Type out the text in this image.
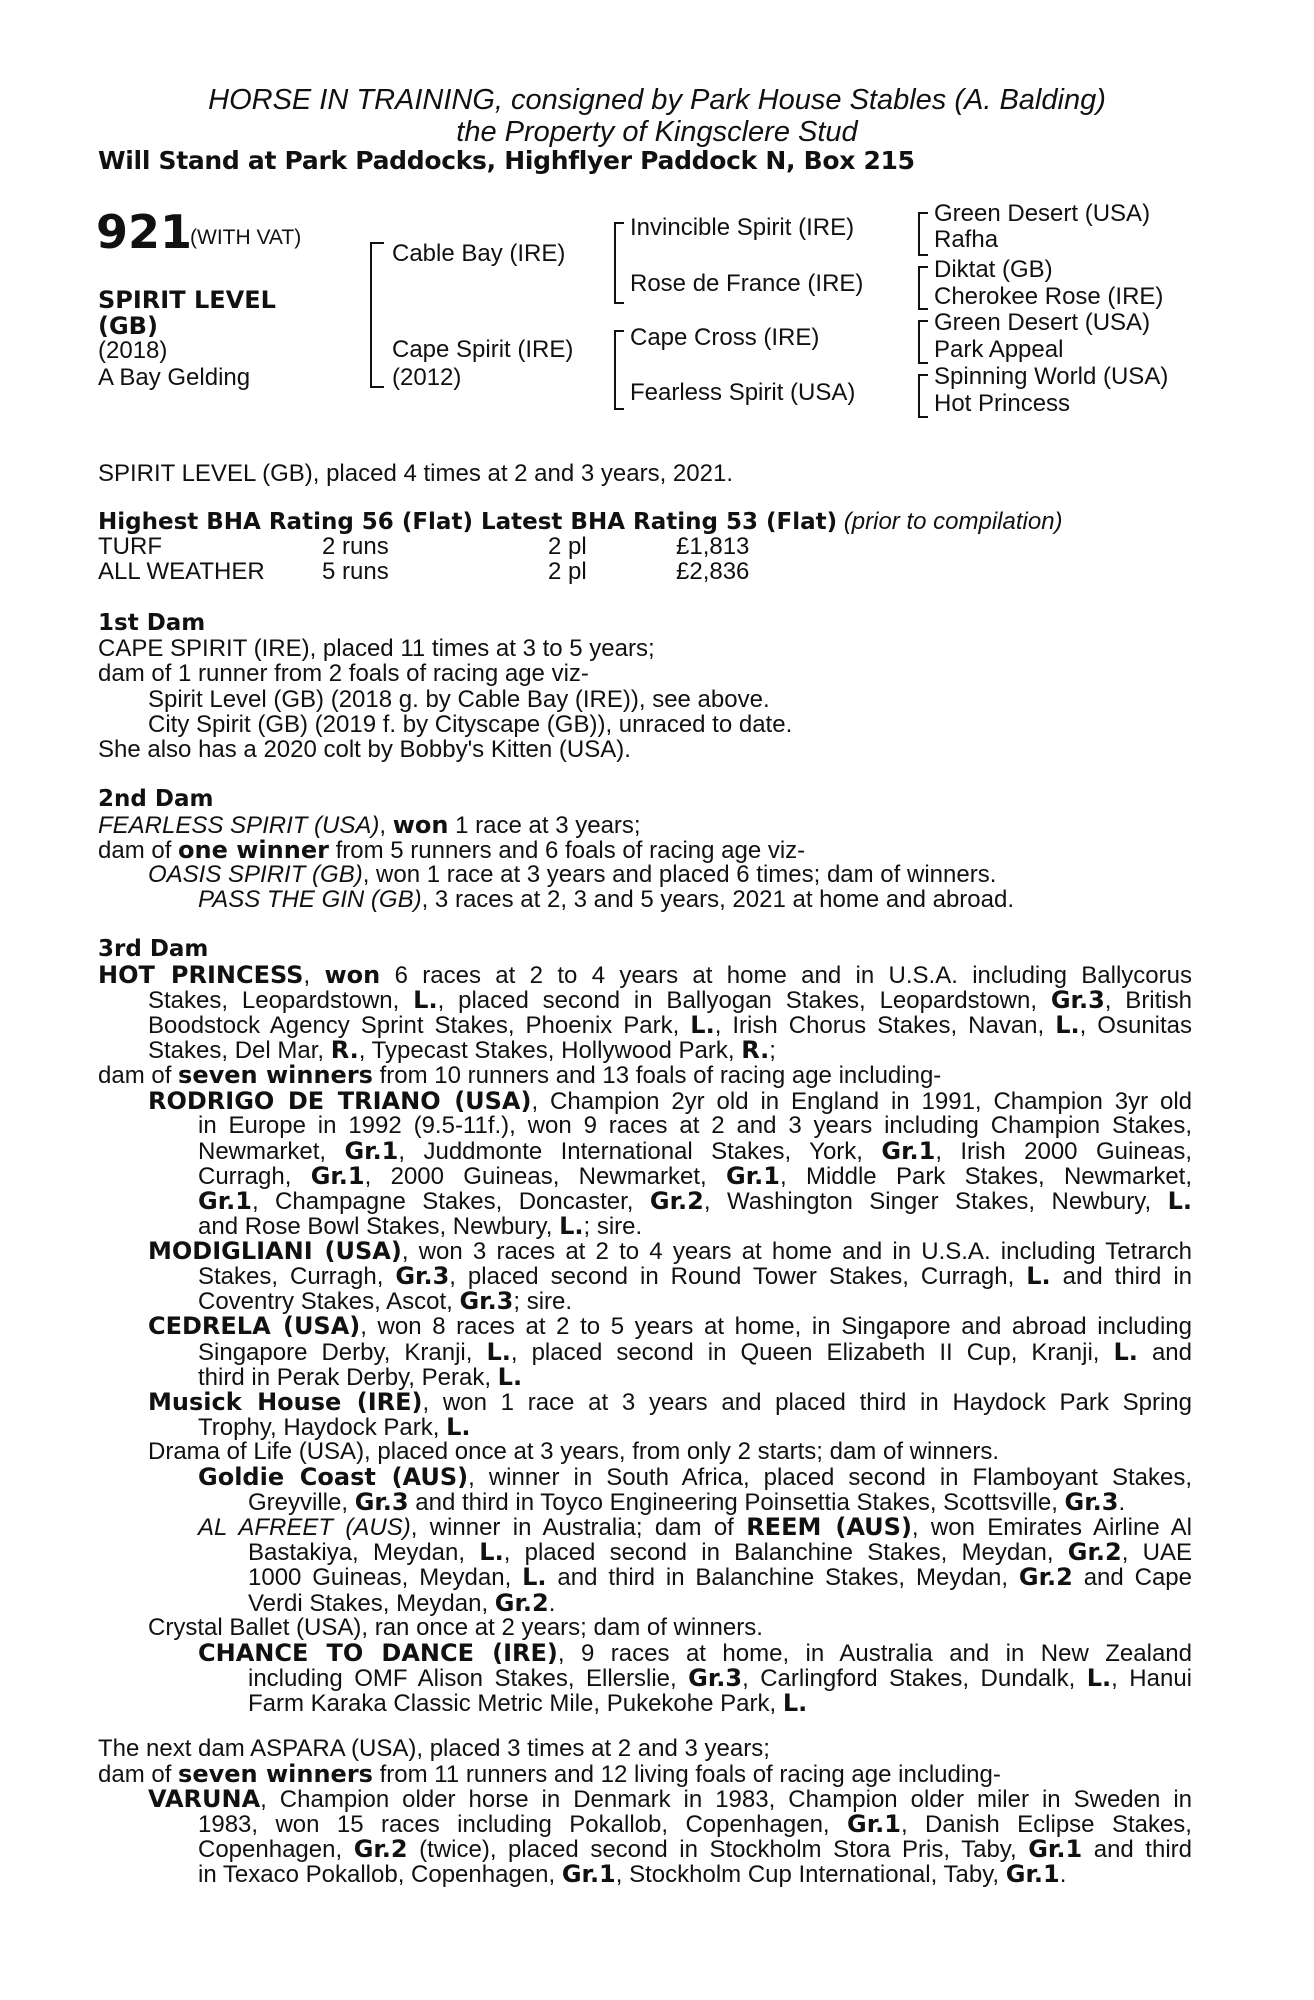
HORSE IN TRAINING, consigned by Park House Stables (A. Balding)
the Property of Kingsclere Stud
Will Stand at Park Paddocks, Highflyer Paddock N, Box 215
921
(WITH VAT)
SPIRIT LEVEL
(GB)
(2018)
A Bay Gelding
Cable Bay (IRE)
Cape Spirit (IRE)
(2012)
Invincible Spirit (IRE)
Rose de France (IRE)
Cape Cross (IRE)
Fearless Spirit (USA)
Green Desert (USA)
Rafha
Diktat (GB)
Cherokee Rose (IRE)
Green Desert (USA)
Park Appeal
Spinning World (USA)
Hot Princess
SPIRIT LEVEL (GB), placed 4 times at 2 and 3 years, 2021.
Highest BHA Rating 56 (Flat) Latest BHA Rating 53 (Flat) (prior to compilation)
TURF	2 runs	2 pl	£1,813
ALL WEATHER 5 runs	2 pl	£2,836
1st Dam
CAPE SPIRIT (IRE), placed 11 times at 3 to 5 years;
dam of 1 runner from 2 foals of racing age viz-
Spirit Level (GB) (2018 g. by Cable Bay (IRE)), see above.
City Spirit (GB) (2019 f. by Cityscape (GB)), unraced to date.
She also has a 2020 colt by Bobby's Kitten (USA).
2nd Dam
FEARLESS SPIRIT (USA), won 1 race at 3 years;
dam of one winner from 5 runners and 6 foals of racing age viz-
OASIS SPIRIT (GB), won 1 race at 3 years and placed 6 times; dam of winners.
PASS THE GIN (GB), 3 races at 2, 3 and 5 years, 2021 at home and abroad.
3rd Dam
HOT PRINCESS, won 6 races at 2 to 4 years at home and in U.S.A. including Ballycorus
Stakes, Leopardstown, L., placed second in Ballyogan Stakes, Leopardstown, Gr.3, British
Boodstock Agency Sprint Stakes, Phoenix Park, L., Irish Chorus Stakes, Navan, L., Osunitas
Stakes, Del Mar, R., Typecast Stakes, Hollywood Park, R.;
dam of seven winners from 10 runners and 13 foals of racing age including-
RODRIGO DE TRIANO (USA), Champion 2yr old in England in 1991, Champion 3yr old
in Europe in 1992 (9.5-11f.), won 9 races at 2 and 3 years including Champion Stakes,
Newmarket, Gr.1, Juddmonte International Stakes, York, Gr.1, Irish 2000 Guineas,
Curragh, Gr.1, 2000 Guineas, Newmarket, Gr.1, Middle Park Stakes, Newmarket,
Gr.1, Champagne Stakes, Doncaster, Gr.2, Washington Singer Stakes, Newbury, L.
and Rose Bowl Stakes, Newbury, L.; sire.
MODIGLIANI (USA), won 3 races at 2 to 4 years at home and in U.S.A. including Tetrarch
Stakes, Curragh, Gr.3, placed second in Round Tower Stakes, Curragh, L. and third in
Coventry Stakes, Ascot, Gr.3; sire.
CEDRELA (USA), won 8 races at 2 to 5 years at home, in Singapore and abroad including
Singapore Derby, Kranji, L., placed second in Queen Elizabeth II Cup, Kranji, L. and
third in Perak Derby, Perak, L.
Musick House (IRE), won 1 race at 3 years and placed third in Haydock Park Spring
Trophy, Haydock Park, L.
Drama of Life (USA), placed once at 3 years, from only 2 starts; dam of winners.
Goldie Coast (AUS), winner in South Africa, placed second in Flamboyant Stakes,
Greyville, Gr.3 and third in Toyco Engineering Poinsettia Stakes, Scottsville, Gr.3.
AL AFREET (AUS), winner in Australia; dam of REEM (AUS), won Emirates Airline Al
Bastakiya, Meydan, L., placed second in Balanchine Stakes, Meydan, Gr.2, UAE
1000 Guineas, Meydan, L. and third in Balanchine Stakes, Meydan, Gr.2 and Cape
Verdi Stakes, Meydan, Gr.2.
Crystal Ballet (USA), ran once at 2 years; dam of winners.
CHANCE TO DANCE (IRE), 9 races at home, in Australia and in New Zealand
including OMF Alison Stakes, Ellerslie, Gr.3, Carlingford Stakes, Dundalk, L., Hanui
Farm Karaka Classic Metric Mile, Pukekohe Park, L.
The next dam ASPARA (USA), placed 3 times at 2 and 3 years;
dam of seven winners from 11 runners and 12 living foals of racing age including-
VARUNA, Champion older horse in Denmark in 1983, Champion older miler in Sweden in
1983, won 15 races including Pokallob, Copenhagen, Gr.1, Danish Eclipse Stakes,
Copenhagen, Gr.2 (twice), placed second in Stockholm Stora Pris, Taby, Gr.1 and third
in Texaco Pokallob, Copenhagen, Gr.1, Stockholm Cup International, Taby, Gr.1.
